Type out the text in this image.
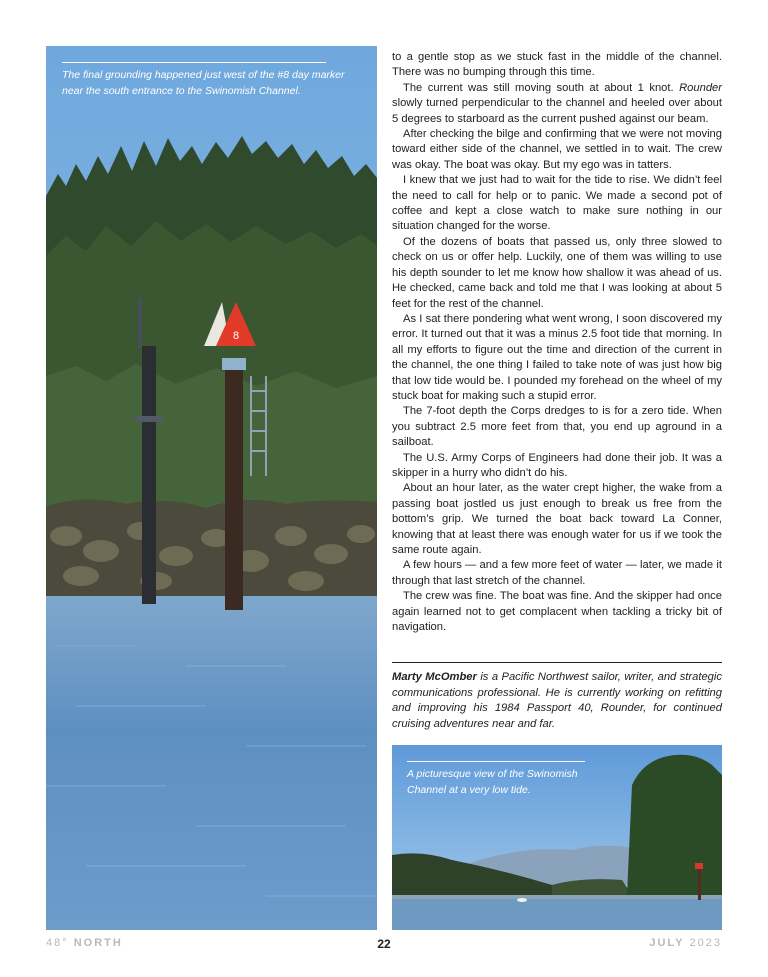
8
The final grounding happened just west of the #8 day marker near the south entrance to the Swinomish Channel.

to a gentle stop as we stuck fast in the middle of the channel. There was no bumping through this time.

The current was still moving south at about 1 knot. Rounder slowly turned perpendicular to the channel and heeled over about 5 degrees to starboard as the current pushed against our beam.

After checking the bilge and confirming that we were not moving toward either side of the channel, we settled in to wait. The crew was okay. The boat was okay. But my ego was in tatters.

I knew that we just had to wait for the tide to rise. We didn’t feel the need to call for help or to panic. We made a second pot of coffee and kept a close watch to make sure nothing in our situation changed for the worse.

Of the dozens of boats that passed us, only three slowed to check on us or offer help. Luckily, one of them was willing to use his depth sounder to let me know how shallow it was ahead of us. He checked, came back and told me that I was looking at about 5 feet for the rest of the channel.

As I sat there pondering what went wrong, I soon discovered my error. It turned out that it was a minus 2.5 foot tide that morning. In all my efforts to figure out the time and direction of the current in the channel, the one thing I failed to take note of was just how big that low tide would be. I pounded my forehead on the wheel of my stuck boat for making such a stupid error.

The 7-foot depth the Corps dredges to is for a zero tide. When you subtract 2.5 more feet from that, you end up aground in a sailboat.

The U.S. Army Corps of Engineers had done their job. It was a skipper in a hurry who didn’t do his.

About an hour later, as the water crept higher, the wake from a passing boat jostled us just enough to break us free from the bottom’s grip. We turned the boat back toward La Conner, knowing that at least there was enough water for us if we took the same route again.

A few hours — and a few more feet of water — later, we made it through that last stretch of the channel.

The crew was fine. The boat was fine. And the skipper had once again learned not to get complacent when tackling a tricky bit of navigation.

Marty McOmber is a Pacific Northwest sailor, writer, and strategic communications professional. He is currently working on refitting and improving his 1984 Passport 40, Rounder, for continued cruising adventures near and far.

A picturesque view of the Swinomish Channel at a very low tide.
48° NORTH	22	JULY 2023
